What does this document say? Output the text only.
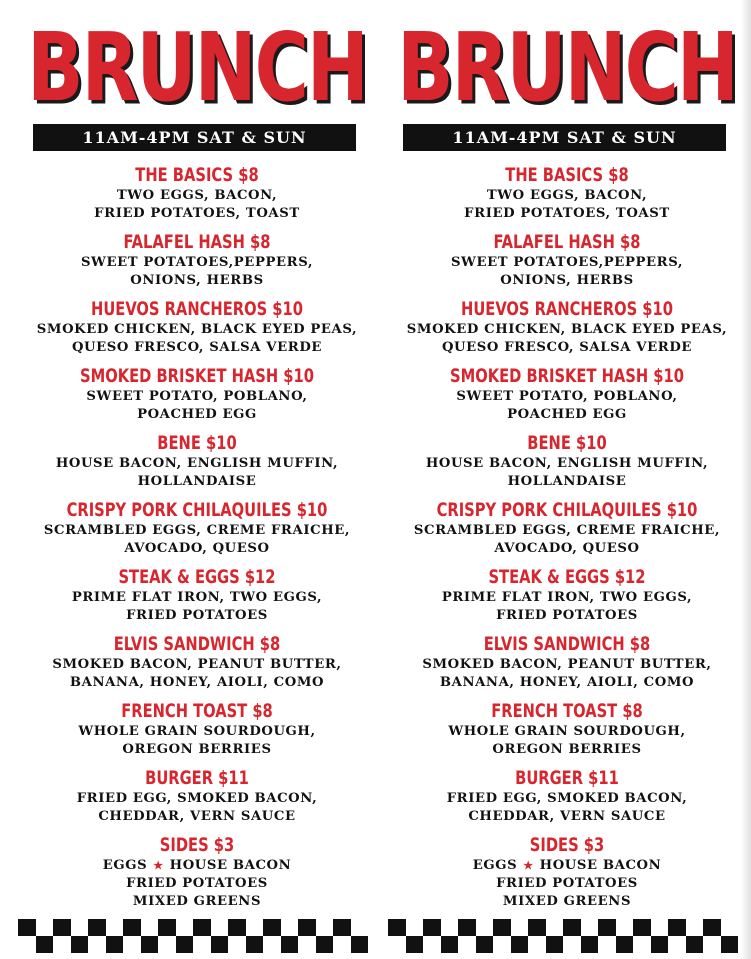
BRUNCH
11AM-4PM SAT & SUN
THE BASICS $8
TWO EGGS, BACON,
FRIED POTATOES, TOAST
FALAFEL HASH $8
SWEET POTATOES,PEPPERS,
ONIONS, HERBS
HUEVOS RANCHEROS $10
SMOKED CHICKEN, BLACK EYED PEAS,
QUESO FRESCO, SALSA VERDE
SMOKED BRISKET HASH $10
SWEET POTATO, POBLANO,
POACHED EGG
BENE $10
HOUSE BACON, ENGLISH MUFFIN,
HOLLANDAISE
CRISPY PORK CHILAQUILES $10
SCRAMBLED EGGS, CREME FRAICHE,
AVOCADO, QUESO
STEAK & EGGS $12
PRIME FLAT IRON, TWO EGGS,
FRIED POTATOES
ELVIS SANDWICH $8
SMOKED BACON, PEANUT BUTTER,
BANANA, HONEY, AIOLI, COMO
FRENCH TOAST $8
WHOLE GRAIN SOURDOUGH,
OREGON BERRIES
BURGER $11
FRIED EGG, SMOKED BACON,
CHEDDAR, VERN SAUCE
SIDES $3
EGGS ★ HOUSE BACON
FRIED POTATOES
MIXED GREENS
BRUNCH
11AM-4PM SAT & SUN
THE BASICS $8
TWO EGGS, BACON,
FRIED POTATOES, TOAST
FALAFEL HASH $8
SWEET POTATOES,PEPPERS,
ONIONS, HERBS
HUEVOS RANCHEROS $10
SMOKED CHICKEN, BLACK EYED PEAS,
QUESO FRESCO, SALSA VERDE
SMOKED BRISKET HASH $10
SWEET POTATO, POBLANO,
POACHED EGG
BENE $10
HOUSE BACON, ENGLISH MUFFIN,
HOLLANDAISE
CRISPY PORK CHILAQUILES $10
SCRAMBLED EGGS, CREME FRAICHE,
AVOCADO, QUESO
STEAK & EGGS $12
PRIME FLAT IRON, TWO EGGS,
FRIED POTATOES
ELVIS SANDWICH $8
SMOKED BACON, PEANUT BUTTER,
BANANA, HONEY, AIOLI, COMO
FRENCH TOAST $8
WHOLE GRAIN SOURDOUGH,
OREGON BERRIES
BURGER $11
FRIED EGG, SMOKED BACON,
CHEDDAR, VERN SAUCE
SIDES $3
EGGS ★ HOUSE BACON
FRIED POTATOES
MIXED GREENS
